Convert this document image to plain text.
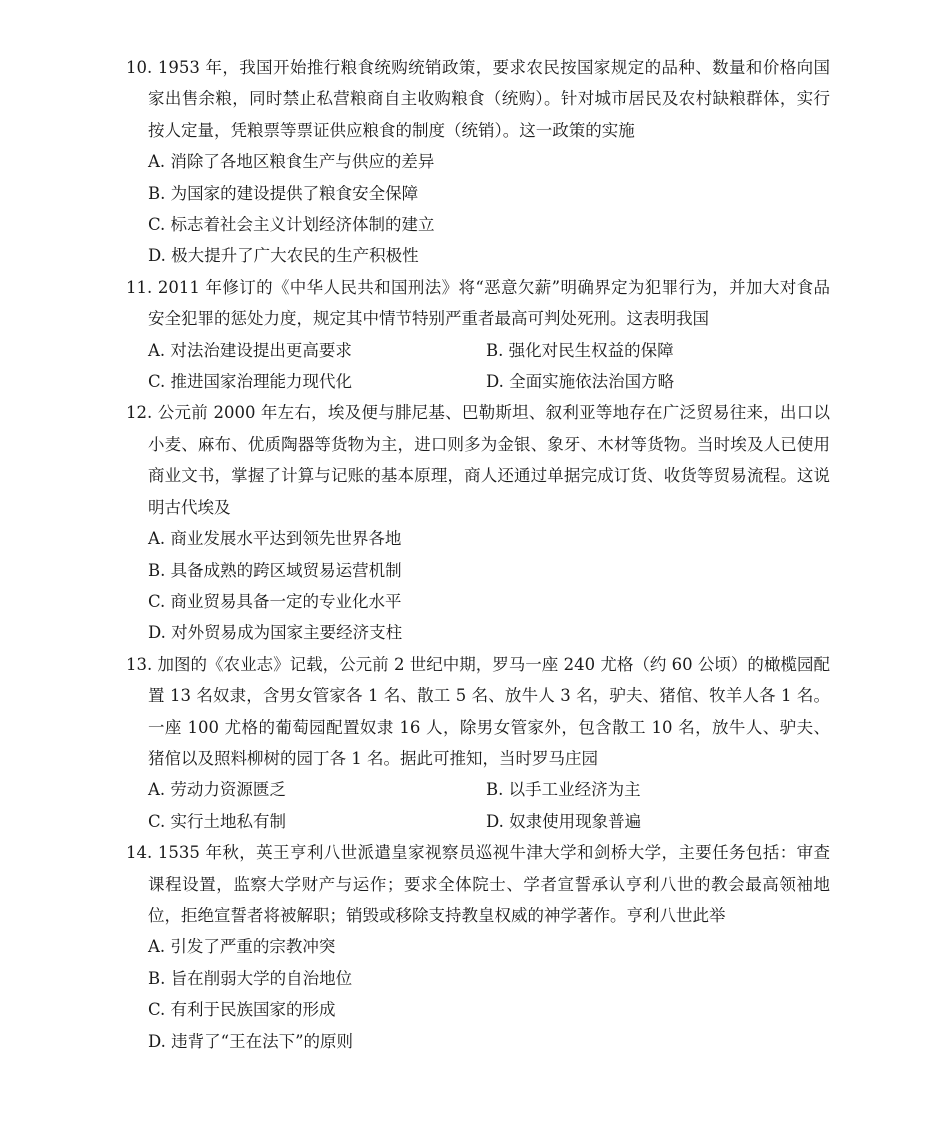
10. 1953 年，我国开始推行粮食统购统销政策，要求农民按国家规定的品种、数量和价格向国家出售余粮，同时禁止私营粮商自主收购粮食（统购）。针对城市居民及农村缺粮群体，实行按人定量，凭粮票等票证供应粮食的制度（统销）。这一政策的实施

A. 消除了各地区粮食生产与供应的差异

B. 为国家的建设提供了粮食安全保障

C. 标志着社会主义计划经济体制的建立

D. 极大提升了广大农民的生产积极性

11. 2011 年修订的《中华人民共和国刑法》将“恶意欠薪”明确界定为犯罪行为，并加大对食品安全犯罪的惩处力度，规定其中情节特别严重者最高可判处死刑。这表明我国

A. 对法治建设提出更高要求	B. 强化对民生权益的保障

C. 推进国家治理能力现代化	D. 全面实施依法治国方略

12. 公元前 2000 年左右，埃及便与腓尼基、巴勒斯坦、叙利亚等地存在广泛贸易往来，出口以小麦、麻布、优质陶器等货物为主，进口则多为金银、象牙、木材等货物。当时埃及人已使用商业文书，掌握了计算与记账的基本原理，商人还通过单据完成订货、收货等贸易流程。这说明古代埃及

A. 商业发展水平达到领先世界各地

B. 具备成熟的跨区域贸易运营机制

C. 商业贸易具备一定的专业化水平

D. 对外贸易成为国家主要经济支柱

13. 加图的《农业志》记载，公元前 2 世纪中期，罗马一座 240 尤格（约 60 公顷）的橄榄园配置 13 名奴隶，含男女管家各 1 名、散工 5 名、放牛人 3 名，驴夫、猪倌、牧羊人各 1 名。一座 100 尤格的葡萄园配置奴隶 16 人，除男女管家外，包含散工 10 名，放牛人、驴夫、猪倌以及照料柳树的园丁各 1 名。据此可推知，当时罗马庄园

A. 劳动力资源匮乏	B. 以手工业经济为主

C. 实行土地私有制	D. 奴隶使用现象普遍

14. 1535 年秋，英王亨利八世派遣皇家视察员巡视牛津大学和剑桥大学，主要任务包括：审查课程设置，监察大学财产与运作；要求全体院士、学者宣誓承认亨利八世的教会最高领袖地位，拒绝宣誓者将被解职；销毁或移除支持教皇权威的神学著作。亨利八世此举

A. 引发了严重的宗教冲突

B. 旨在削弱大学的自治地位

C. 有利于民族国家的形成

D. 违背了“王在法下”的原则
